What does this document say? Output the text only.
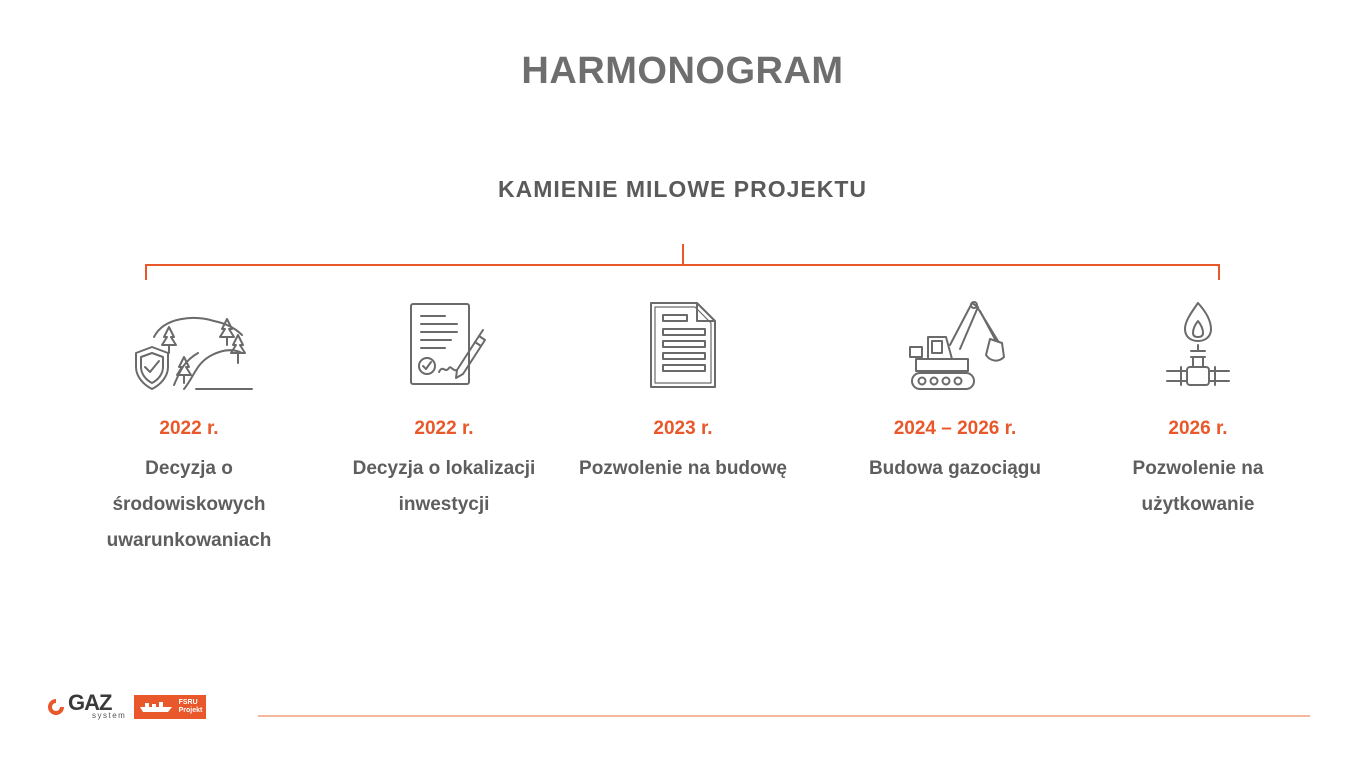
HARMONOGRAM
KAMIENIE MILOWE PROJEKTU
2022 r.
Decyzja o
środowiskowych
uwarunkowaniach
2022 r.
Decyzja o lokalizacji
inwestycji
2023 r.
Pozwolenie na budowę
2024 – 2026 r.
Budowa gazociągu
2026 r.
Pozwolenie na
użytkowanie
GAZ
system
FSRU
Projekt
